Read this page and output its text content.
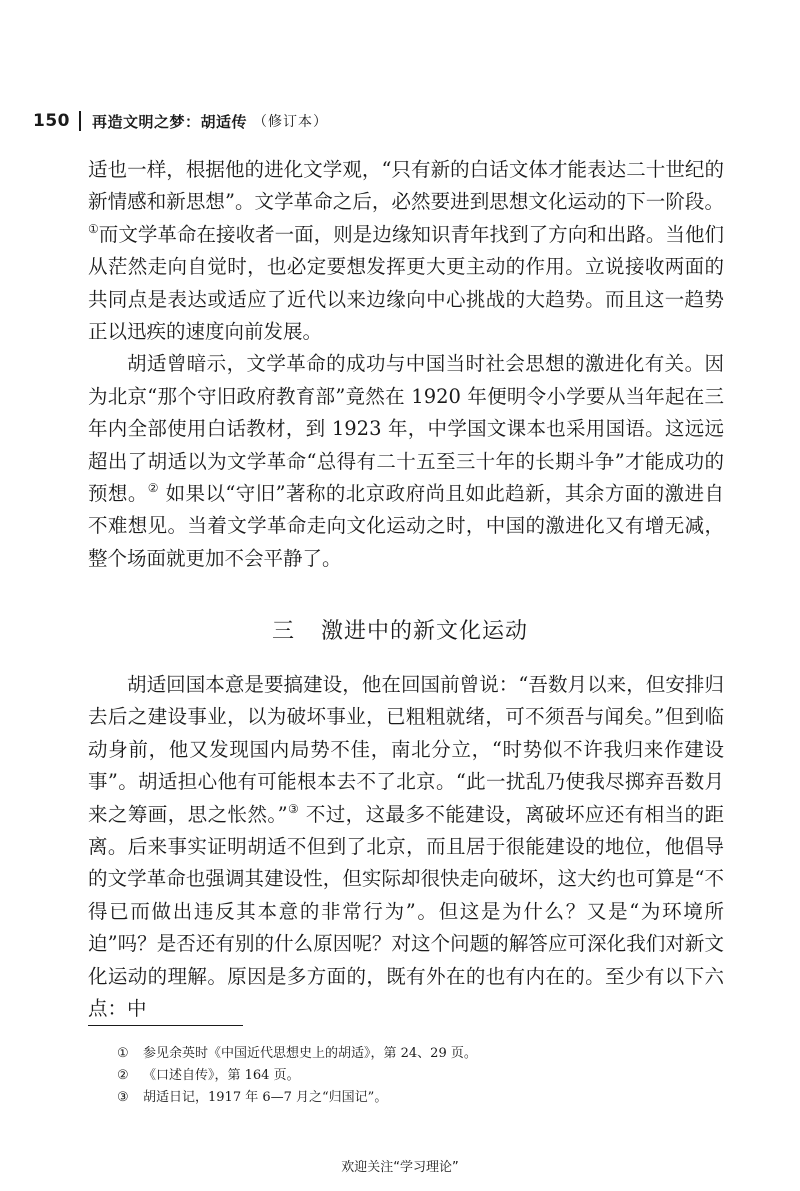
150 再造文明之梦：胡适传 （修订本）

适也一样，根据他的进化文学观，“只有新的白话文体才能表达二十世纪的新情感和新思想”。文学革命之后，必然要进到思想文化运动的下一阶段。①而文学革命在接收者一面，则是边缘知识青年找到了方向和出路。当他们从茫然走向自觉时，也必定要想发挥更大更主动的作用。立说接收两面的共同点是表达或适应了近代以来边缘向中心挑战的大趋势。而且这一趋势正以迅疾的速度向前发展。

胡适曾暗示，文学革命的成功与中国当时社会思想的激进化有关。因为北京“那个守旧政府教育部”竟然在 1920 年便明令小学要从当年起在三年内全部使用白话教材，到 1923 年，中学国文课本也采用国语。这远远超出了胡适以为文学革命“总得有二十五至三十年的长期斗争”才能成功的预想。② 如果以“守旧”著称的北京政府尚且如此趋新，其余方面的激进自不难想见。当着文学革命走向文化运动之时，中国的激进化又有增无减，整个场面就更加不会平静了。

三 激进中的新文化运动

胡适回国本意是要搞建设，他在回国前曾说：“吾数月以来，但安排归去后之建设事业，以为破坏事业，已粗粗就绪，可不须吾与闻矣。”但到临动身前，他又发现国内局势不佳，南北分立，“时势似不许我归来作建设事”。胡适担心他有可能根本去不了北京。“此一扰乱乃使我尽掷弃吾数月来之筹画，思之怅然。”③ 不过，这最多不能建设，离破坏应还有相当的距离。后来事实证明胡适不但到了北京，而且居于很能建设的地位，他倡导的文学革命也强调其建设性，但实际却很快走向破坏，这大约也可算是“不得已而做出违反其本意的非常行为”。但这是为什么？又是“为环境所迫”吗？是否还有别的什么原因呢？对这个问题的解答应可深化我们对新文化运动的理解。原因是多方面的，既有外在的也有内在的。至少有以下六点：中

① 参见余英时《中国近代思想史上的胡适》，第 24、29 页。
② 《口述自传》，第 164 页。
③ 胡适日记，1917 年 6—7 月之“归国记”。
欢迎关注“学习理论”
